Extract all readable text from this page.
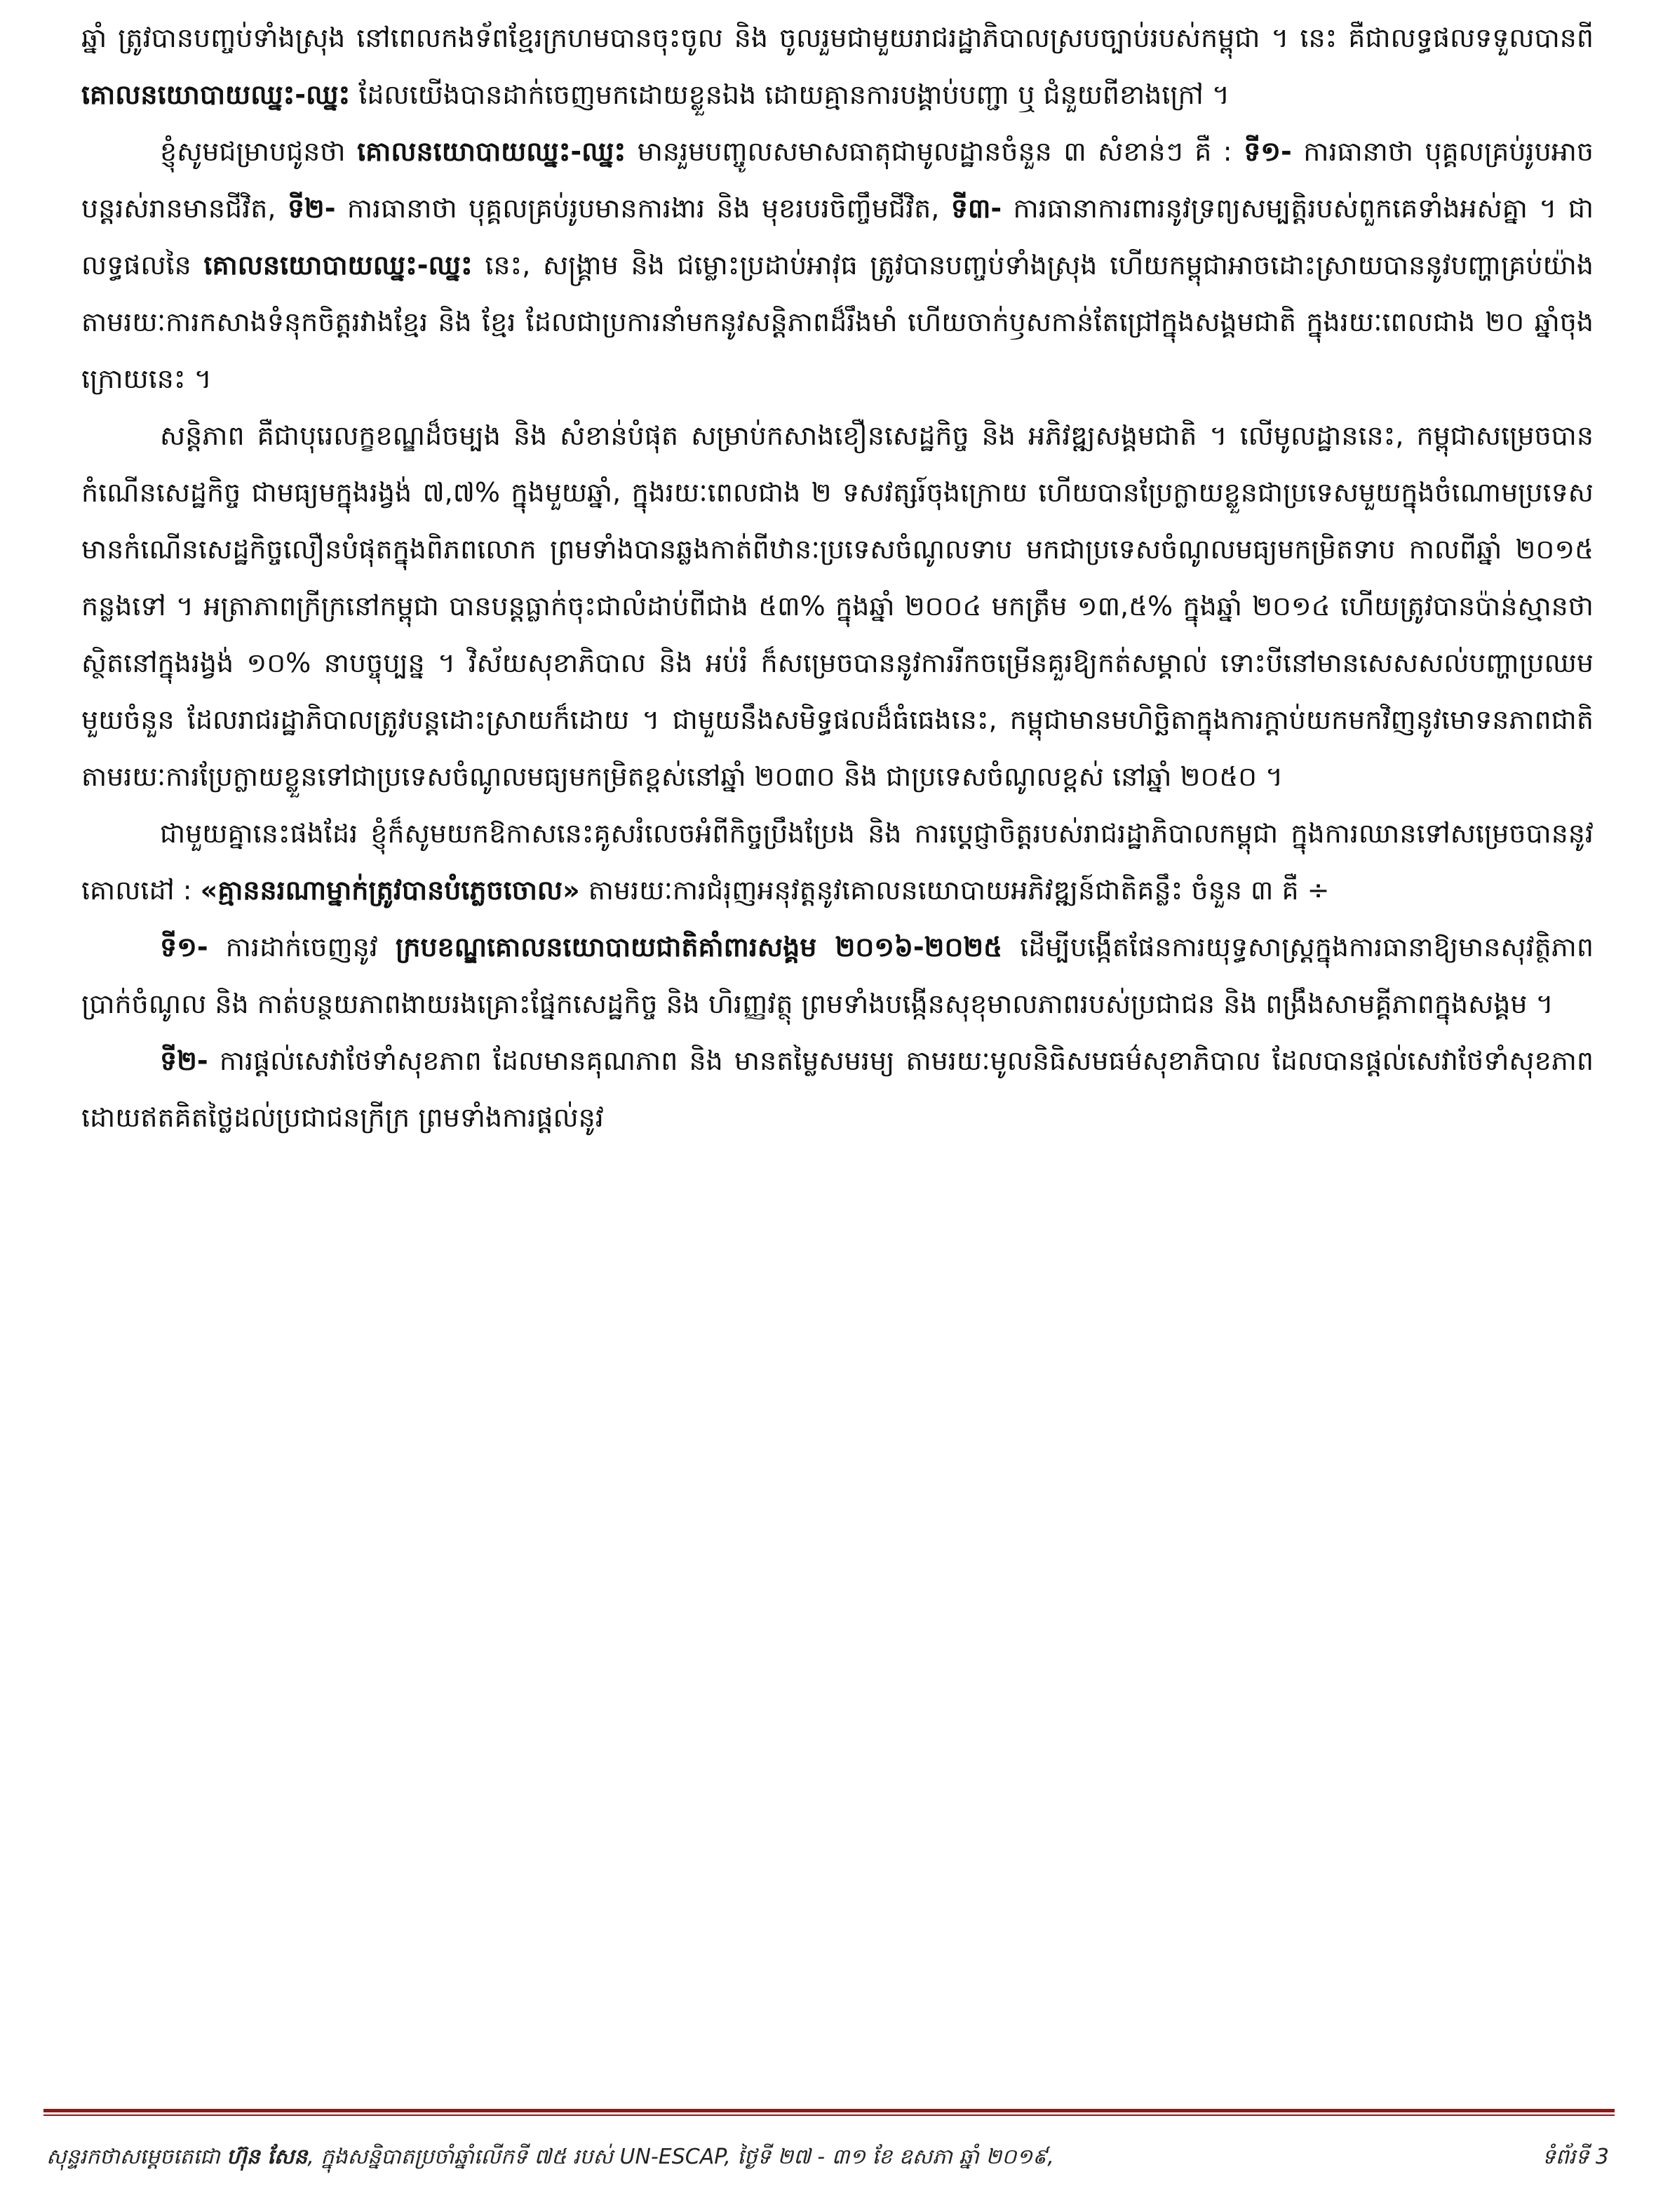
ឆ្នាំ ត្រូវបានបញ្ចប់ទាំងស្រុង នៅពេលកងទ័ពខ្មែរក្រហមបានចុះចូល និង ចូលរួមជាមួយរាជរដ្ឋាភិបាលស្របច្បាប់របស់កម្ពុជា ។ នេះ គឺជាលទ្ធផលទទួលបានពី គោលនយោបាយឈ្នះ-ឈ្នះ ដែលយើងបានដាក់ចេញមកដោយខ្លួនឯង ដោយគ្មានការបង្គាប់បញ្ជា ឬ ជំនួយពីខាងក្រៅ ។

ខ្ញុំសូមជម្រាបជូនថា គោលនយោបាយឈ្នះ-ឈ្នះ មានរួមបញ្ចូលសមាសធាតុជាមូលដ្ឋានចំនួន ៣ សំខាន់ៗ គឺ : ទី១- ការធានាថា បុគ្គលគ្រប់រូបអាចបន្តរស់រានមានជីវិត, ទី២- ការធានាថា បុគ្គលគ្រប់រូបមានការងារ និង មុខរបរចិញ្ចឹមជីវិត, ទី៣- ការធានាការពារនូវទ្រព្យសម្បត្តិរបស់ពួកគេទាំងអស់គ្នា ។ ជាលទ្ធផលនៃ គោលនយោបាយឈ្នះ-ឈ្នះ នេះ, សង្គ្រាម និង ជម្លោះប្រដាប់អាវុធ ត្រូវបានបញ្ចប់ទាំងស្រុង ហើយកម្ពុជាអាចដោះស្រាយបាននូវបញ្ហាគ្រប់យ៉ាង តាមរយៈការកសាងទំនុកចិត្តរវាងខ្មែរ និង ខ្មែរ ដែលជាប្រការនាំមកនូវសន្តិភាពដ៏រឹងមាំ ហើយចាក់ឫសកាន់តែជ្រៅក្នុងសង្គមជាតិ ក្នុងរយៈពេលជាង ២០ ឆ្នាំចុងក្រោយនេះ ។

សន្តិភាព គឺជាបុរេលក្ខខណ្ឌដ៏ចម្បង និង សំខាន់បំផុត សម្រាប់កសាងខឿនសេដ្ឋកិច្ច និង អភិវឌ្ឍសង្គមជាតិ ។ លើមូលដ្ឋាននេះ, កម្ពុជាសម្រេចបានកំណើនសេដ្ឋកិច្ច ជាមធ្យមក្នុងរង្វង់ ៧,៧% ក្នុងមួយឆ្នាំ, ក្នុងរយៈពេលជាង ២ ទសវត្សរ៍ចុងក្រោយ ហើយបានប្រែក្លាយខ្លួនជាប្រទេសមួយក្នុងចំណោមប្រទេសមានកំណើនសេដ្ឋកិច្ចលឿនបំផុតក្នុងពិភពលោក ព្រមទាំងបានឆ្លងកាត់ពីឋានៈប្រទេសចំណូលទាប មកជាប្រទេសចំណូលមធ្យមកម្រិតទាប កាលពីឆ្នាំ ២០១៥ កន្លងទៅ ។ អត្រាភាពក្រីក្រនៅកម្ពុជា បានបន្តធ្លាក់ចុះជាលំដាប់ពីជាង ៥៣% ក្នុងឆ្នាំ ២០០៤ មកត្រឹម ១៣,៥% ក្នុងឆ្នាំ ២០១៤ ហើយត្រូវបានប៉ាន់ស្មានថា ស្ថិតនៅក្នុងរង្វង់ ១០% នាបច្ចុប្បន្ន ។ វិស័យសុខាភិបាល និង អប់រំ ក៏សម្រេចបាននូវការរីកចម្រើនគួរឱ្យកត់សម្គាល់ ទោះបីនៅមានសេសសល់បញ្ហាប្រឈមមួយចំនួន ដែលរាជរដ្ឋាភិបាលត្រូវបន្តដោះស្រាយក៏ដោយ ។ ជាមួយនឹងសមិទ្ធផលដ៏ធំធេងនេះ, កម្ពុជាមានមហិច្ឆិតាក្នុងការក្តាប់យកមកវិញនូវមោទនភាពជាតិ តាមរយៈការប្រែក្លាយខ្លួនទៅជាប្រទេសចំណូលមធ្យមកម្រិតខ្ពស់នៅឆ្នាំ ២០៣០ និង ជាប្រទេសចំណូលខ្ពស់ នៅឆ្នាំ ២០៥០ ។

ជាមួយគ្នានេះផងដែរ ខ្ញុំក៏សូមយកឱកាសនេះគូសរំលេចអំពីកិច្ចប្រឹងប្រែង និង ការប្តេជ្ញាចិត្តរបស់រាជរដ្ឋាភិបាលកម្ពុជា ក្នុងការឈានទៅសម្រេចបាននូវគោលដៅ : «គ្មាននរណាម្នាក់ត្រូវបានបំភ្លេចចោល» តាមរយៈការជំរុញអនុវត្តនូវគោលនយោបាយអភិវឌ្ឍន៍ជាតិគន្លឹះ ចំនួន ៣ គឺ ÷

ទី១- ការដាក់ចេញនូវ ក្របខណ្ឌគោលនយោបាយជាតិគាំពារសង្គម ២០១៦-២០២៥ ដើម្បីបង្កើតផែនការយុទ្ធសាស្ត្រក្នុងការធានាឱ្យមានសុវត្ថិភាពប្រាក់ចំណូល និង កាត់បន្ថយភាពងាយរងគ្រោះផ្នែកសេដ្ឋកិច្ច និង ហិរញ្ញវត្ថុ ព្រមទាំងបង្កើនសុខុមាលភាពរបស់ប្រជាជន និង ពង្រឹងសាមគ្គីភាពក្នុងសង្គម ។

ទី២- ការផ្តល់សេវាថែទាំសុខភាព ដែលមានគុណភាព និង មានតម្លៃសមរម្យ តាមរយៈមូលនិធិសមធម៌សុខាភិបាល ដែលបានផ្តល់សេវាថែទាំសុខភាពដោយឥតគិតថ្លៃដល់ប្រជាជនក្រីក្រ ព្រមទាំងការផ្តល់នូវ

សុន្ទរកថាសម្តេចតេជោ ហ៊ុន សែន, ក្នុងសន្និបាតប្រចាំឆ្នាំលើកទី ៧៥ របស់ UN-ESCAP, ថ្ងៃទី ២៧ - ៣១ ខែ ឧសភា ឆ្នាំ ២០១៩,	ទំព័រទី 3
